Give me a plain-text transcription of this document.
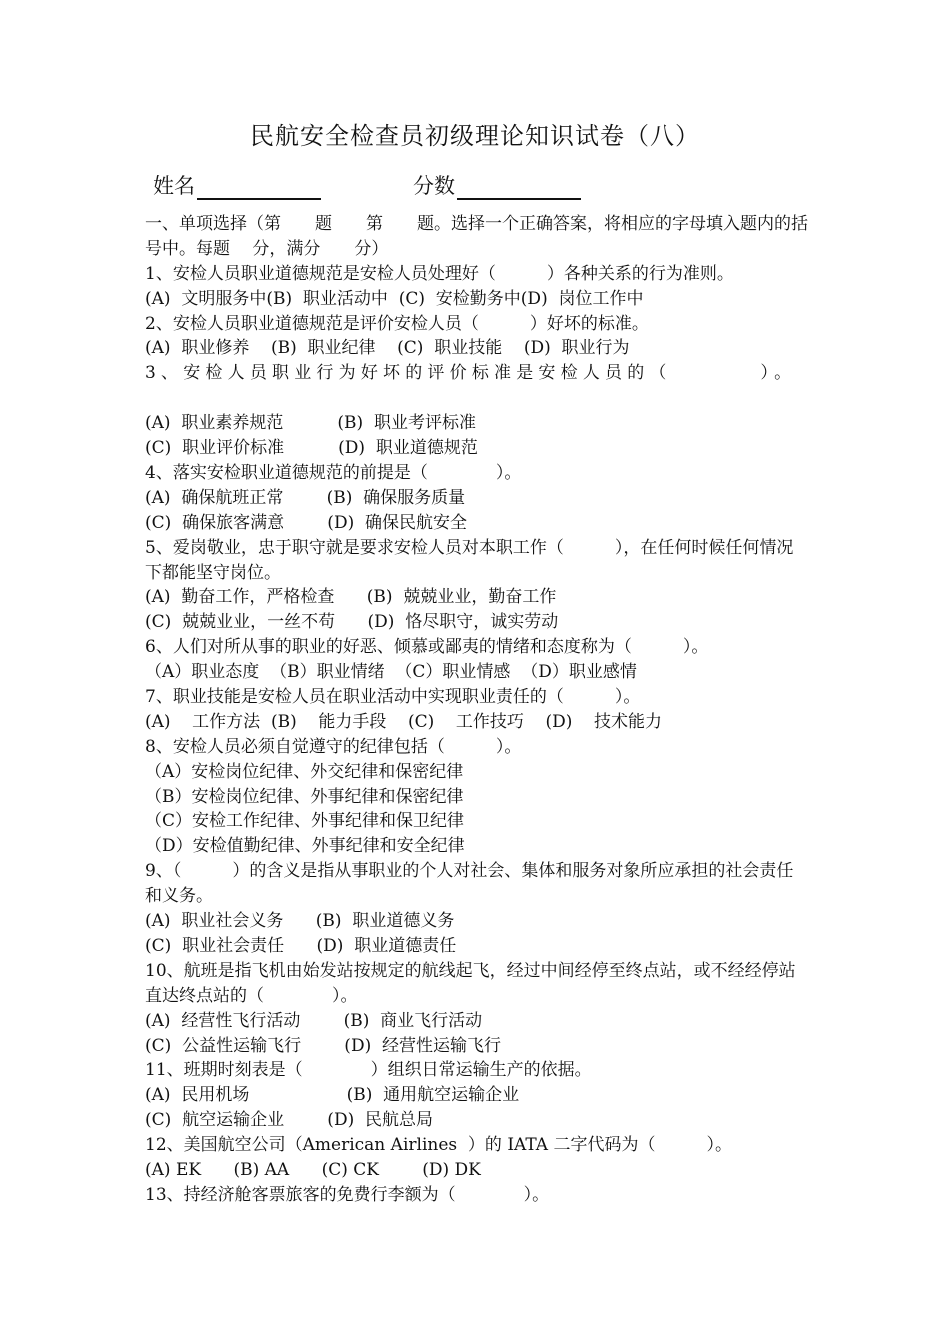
民航安全检查员初级理论知识试卷（八）
姓名	分数
一、单项选择（第　　题　　第　　题。选择一个正确答案，将相应的字母填入题内的括号中。每题　 分，满分　　分）
1、安检人员职业道德规范是安检人员处理好（　　　）各种关系的行为准则。
(A)  文明服务中(B)  职业活动中  (C)  安检勤务中(D)  岗位工作中
2、安检人员职业道德规范是评价安检人员（　　　）好坏的标准。
(A)  职业修养    (B)  职业纪律    (C)  职业技能    (D)  职业行为
3、安检人员职业行为好坏的评价标准是安检人员的（　　　　）。
(A)  职业素养规范          (B)  职业考评标准
(C)  职业评价标准          (D)  职业道德规范
4、落实安检职业道德规范的前提是（　　　　）。
(A)  确保航班正常        (B)  确保服务质量
(C)  确保旅客满意        (D)  确保民航安全
5、爱岗敬业，忠于职守就是要求安检人员对本职工作（　　　），在任何时候任何情况下都能坚守岗位。
(A)  勤奋工作，严格检查      (B)  兢兢业业，勤奋工作
(C)  兢兢业业，一丝不苟      (D)  恪尽职守，诚实劳动
6、人们对所从事的职业的好恶、倾慕或鄙夷的情绪和态度称为（　　　）。
（A）职业态度  （B）职业情绪  （C）职业情感  （D）职业感情
7、职业技能是安检人员在职业活动中实现职业责任的（　　　）。
(A)    工作方法  (B)    能力手段    (C)    工作技巧    (D)    技术能力
8、安检人员必须自觉遵守的纪律包括（　　　）。
（A）安检岗位纪律、外交纪律和保密纪律
（B）安检岗位纪律、外事纪律和保密纪律
（C）安检工作纪律、外事纪律和保卫纪律
（D）安检值勤纪律、外事纪律和安全纪律
9、（　　　）的含义是指从事职业的个人对社会、集体和服务对象所应承担的社会责任和义务。
(A)  职业社会义务      (B)  职业道德义务
(C)  职业社会责任      (D)  职业道德责任
10、航班是指飞机由始发站按规定的航线起飞，经过中间经停至终点站，或不经经停站直达终点站的（　　　　）。
(A)  经营性飞行活动        (B)  商业飞行活动
(C)  公益性运输飞行        (D)  经营性运输飞行
11、班期时刻表是（　　　　）组织日常运输生产的依据。
(A)  民用机场                  (B)  通用航空运输企业
(C)  航空运输企业        (D)  民航总局
12、美国航空公司（American Airlines  ）的 IATA 二字代码为（　　　）。
(A) EK      (B) AA      (C) CK        (D) DK
13、持经济舱客票旅客的免费行李额为（　　　　）。
